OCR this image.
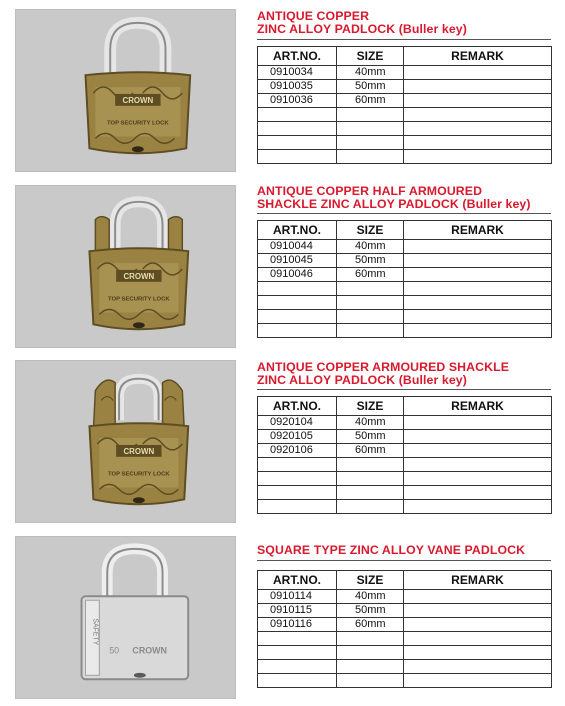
CROWN
TOP SECURITY LOCK
ANTIQUE COPPER
ZINC ALLOY PADLOCK (Buller key)
ART.NO.	SIZE	REMARK
0910034	40mm	
0910035	50mm	
0910036	60mm	

CROWN
TOP SECURITY LOCK
ANTIQUE COPPER HALF ARMOURED
SHACKLE ZINC ALLOY PADLOCK (Buller key)
ART.NO.	SIZE	REMARK
0910044	40mm	
0910045	50mm	
0910046	60mm	

CROWN
TOP SECURITY LOCK
ANTIQUE COPPER ARMOURED SHACKLE
ZINC ALLOY PADLOCK (Buller key)
ART.NO.	SIZE	REMARK
0920104	40mm	
0920105	50mm	
0920106	60mm	

SAFETY
50 CROWN
SQUARE TYPE ZINC ALLOY VANE PADLOCK
ART.NO.	SIZE	REMARK
0910114	40mm	
0910115	50mm	
0910116	60mm	
